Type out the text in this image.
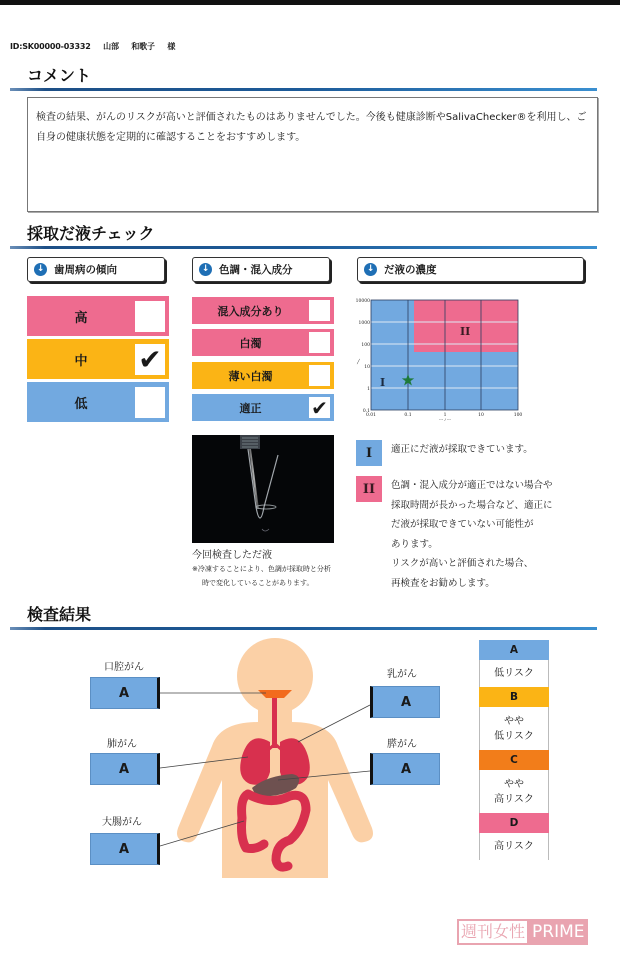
ID:SK00000-03332 山部 和歌子 様
コメント

検査の結果、がんのリスクが高いと評価されたものはありませんでした。今後も健康診断やSalivaChecker®を利用し、ご自身の健康状態を定期的に確認することをおすすめします。

採取だ液チェック
↓ 歯周病の傾向	↓ 色調・混入成分	↓ だ液の濃度
高
中	✔
低
混入成分あり
白濁
薄い白濁
適正	✔
今回検査しただ液
※冷凍することにより、色調が採取時と分析
時で変化していることがあります。
10000
1000
100
10
1
0.1
0.01	0.1	1	10	100
--- / ---
╱
I
II
I	適正にだ液が採取できています。
II	色調・混入成分が適正ではない場合や
採取時間が長かった場合など、適正に
だ液が採取できていない可能性が
あります。
リスクが高いと評価された場合、
再検査をお勧めします。
検査結果
口腔がん
A
肺がん
A
大腸がん
A
乳がん
A
膵がん
A
A
低リスク
B
やや
低リスク
C
やや
高リスク
D
高リスク
週刊女性 PRIME
